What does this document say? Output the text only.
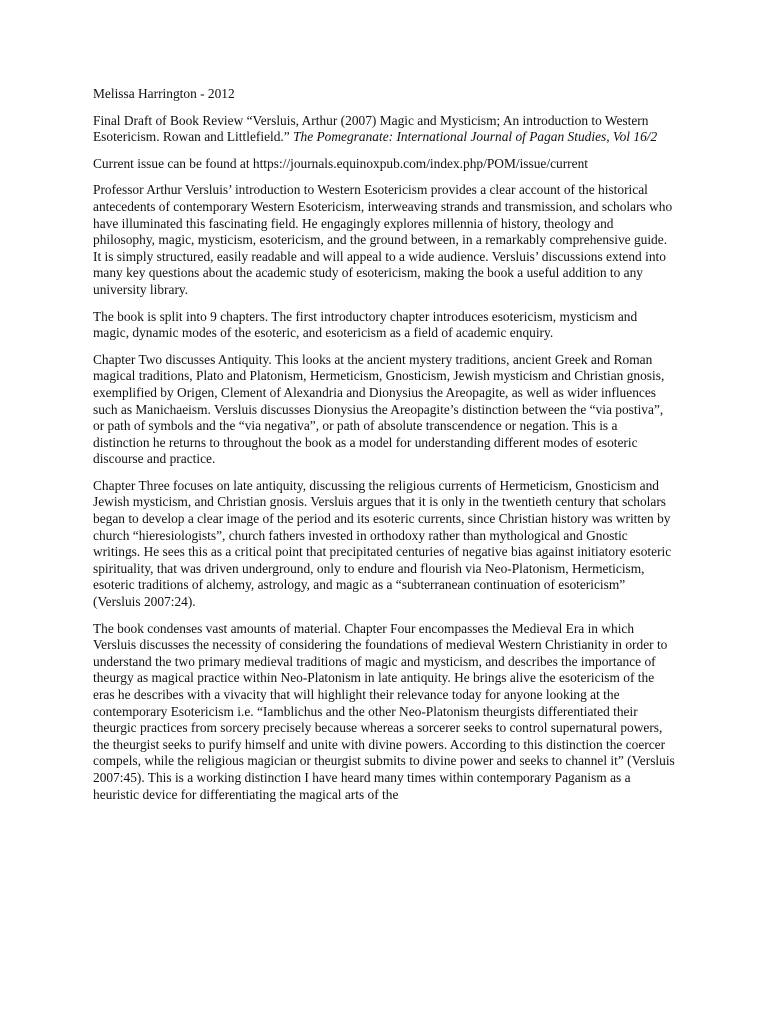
Melissa Harrington - 2012

Final Draft of Book Review “Versluis, Arthur (2007) Magic and Mysticism; An introduction to Western Esotericism. Rowan and Littlefield.” The Pomegranate: International Journal of Pagan Studies, Vol 16/2

Current issue can be found at https://journals.equinoxpub.com/index.php/POM/issue/current

Professor Arthur Versluis’ introduction to Western Esotericism provides a clear account of the historical antecedents of contemporary Western Esotericism, interweaving strands and transmission, and scholars who have illuminated this fascinating field. He engagingly explores millennia of history, theology and philosophy, magic, mysticism, esotericism, and the ground between, in a remarkably comprehensive guide. It is simply structured, easily readable and will appeal to a wide audience. Versluis’ discussions extend into many key questions about the academic study of esotericism, making the book a useful addition to any university library.

The book is split into 9 chapters. The first introductory chapter introduces esotericism, mysticism and magic, dynamic modes of the esoteric, and esotericism as a field of academic enquiry.

Chapter Two discusses Antiquity. This looks at the ancient mystery traditions, ancient Greek and Roman magical traditions, Plato and Platonism, Hermeticism, Gnosticism, Jewish mysticism and Christian gnosis, exemplified by Origen, Clement of Alexandria and Dionysius the Areopagite, as well as wider influences such as Manichaeism. Versluis discusses Dionysius the Areopagite’s distinction between the “via postiva”, or path of symbols and the “via negativa”, or path of absolute transcendence or negation. This is a distinction he returns to throughout the book as a model for understanding different modes of esoteric discourse and practice.

Chapter Three focuses on late antiquity, discussing the religious currents of Hermeticism, Gnosticism and Jewish mysticism, and Christian gnosis. Versluis argues that it is only in the twentieth century that scholars began to develop a clear image of the period and its esoteric currents, since Christian history was written by church “hieresiologists”, church fathers invested in orthodoxy rather than mythological and Gnostic writings. He sees this as a critical point that precipitated centuries of negative bias against initiatory esoteric spirituality, that was driven underground, only to endure and flourish via Neo-Platonism, Hermeticism, esoteric traditions of alchemy, astrology, and magic as a “subterranean continuation of esotericism” (Versluis 2007:24).

The book condenses vast amounts of material. Chapter Four encompasses the Medieval Era in which Versluis discusses the necessity of considering the foundations of medieval Western Christianity in order to understand the two primary medieval traditions of magic and mysticism, and describes the importance of theurgy as magical practice within Neo-Platonism in late antiquity. He brings alive the esotericism of the eras he describes with a vivacity that will highlight their relevance today for anyone looking at the contemporary Esotericism i.e. “Iamblichus and the other Neo-Platonism theurgists differentiated their theurgic practices from sorcery precisely because whereas a sorcerer seeks to control supernatural powers, the theurgist seeks to purify himself and unite with divine powers. According to this distinction the coercer compels, while the religious magician or theurgist submits to divine power and seeks to channel it” (Versluis 2007:45). This is a working distinction I have heard many times within contemporary Paganism as a heuristic device for differentiating the magical arts of the
